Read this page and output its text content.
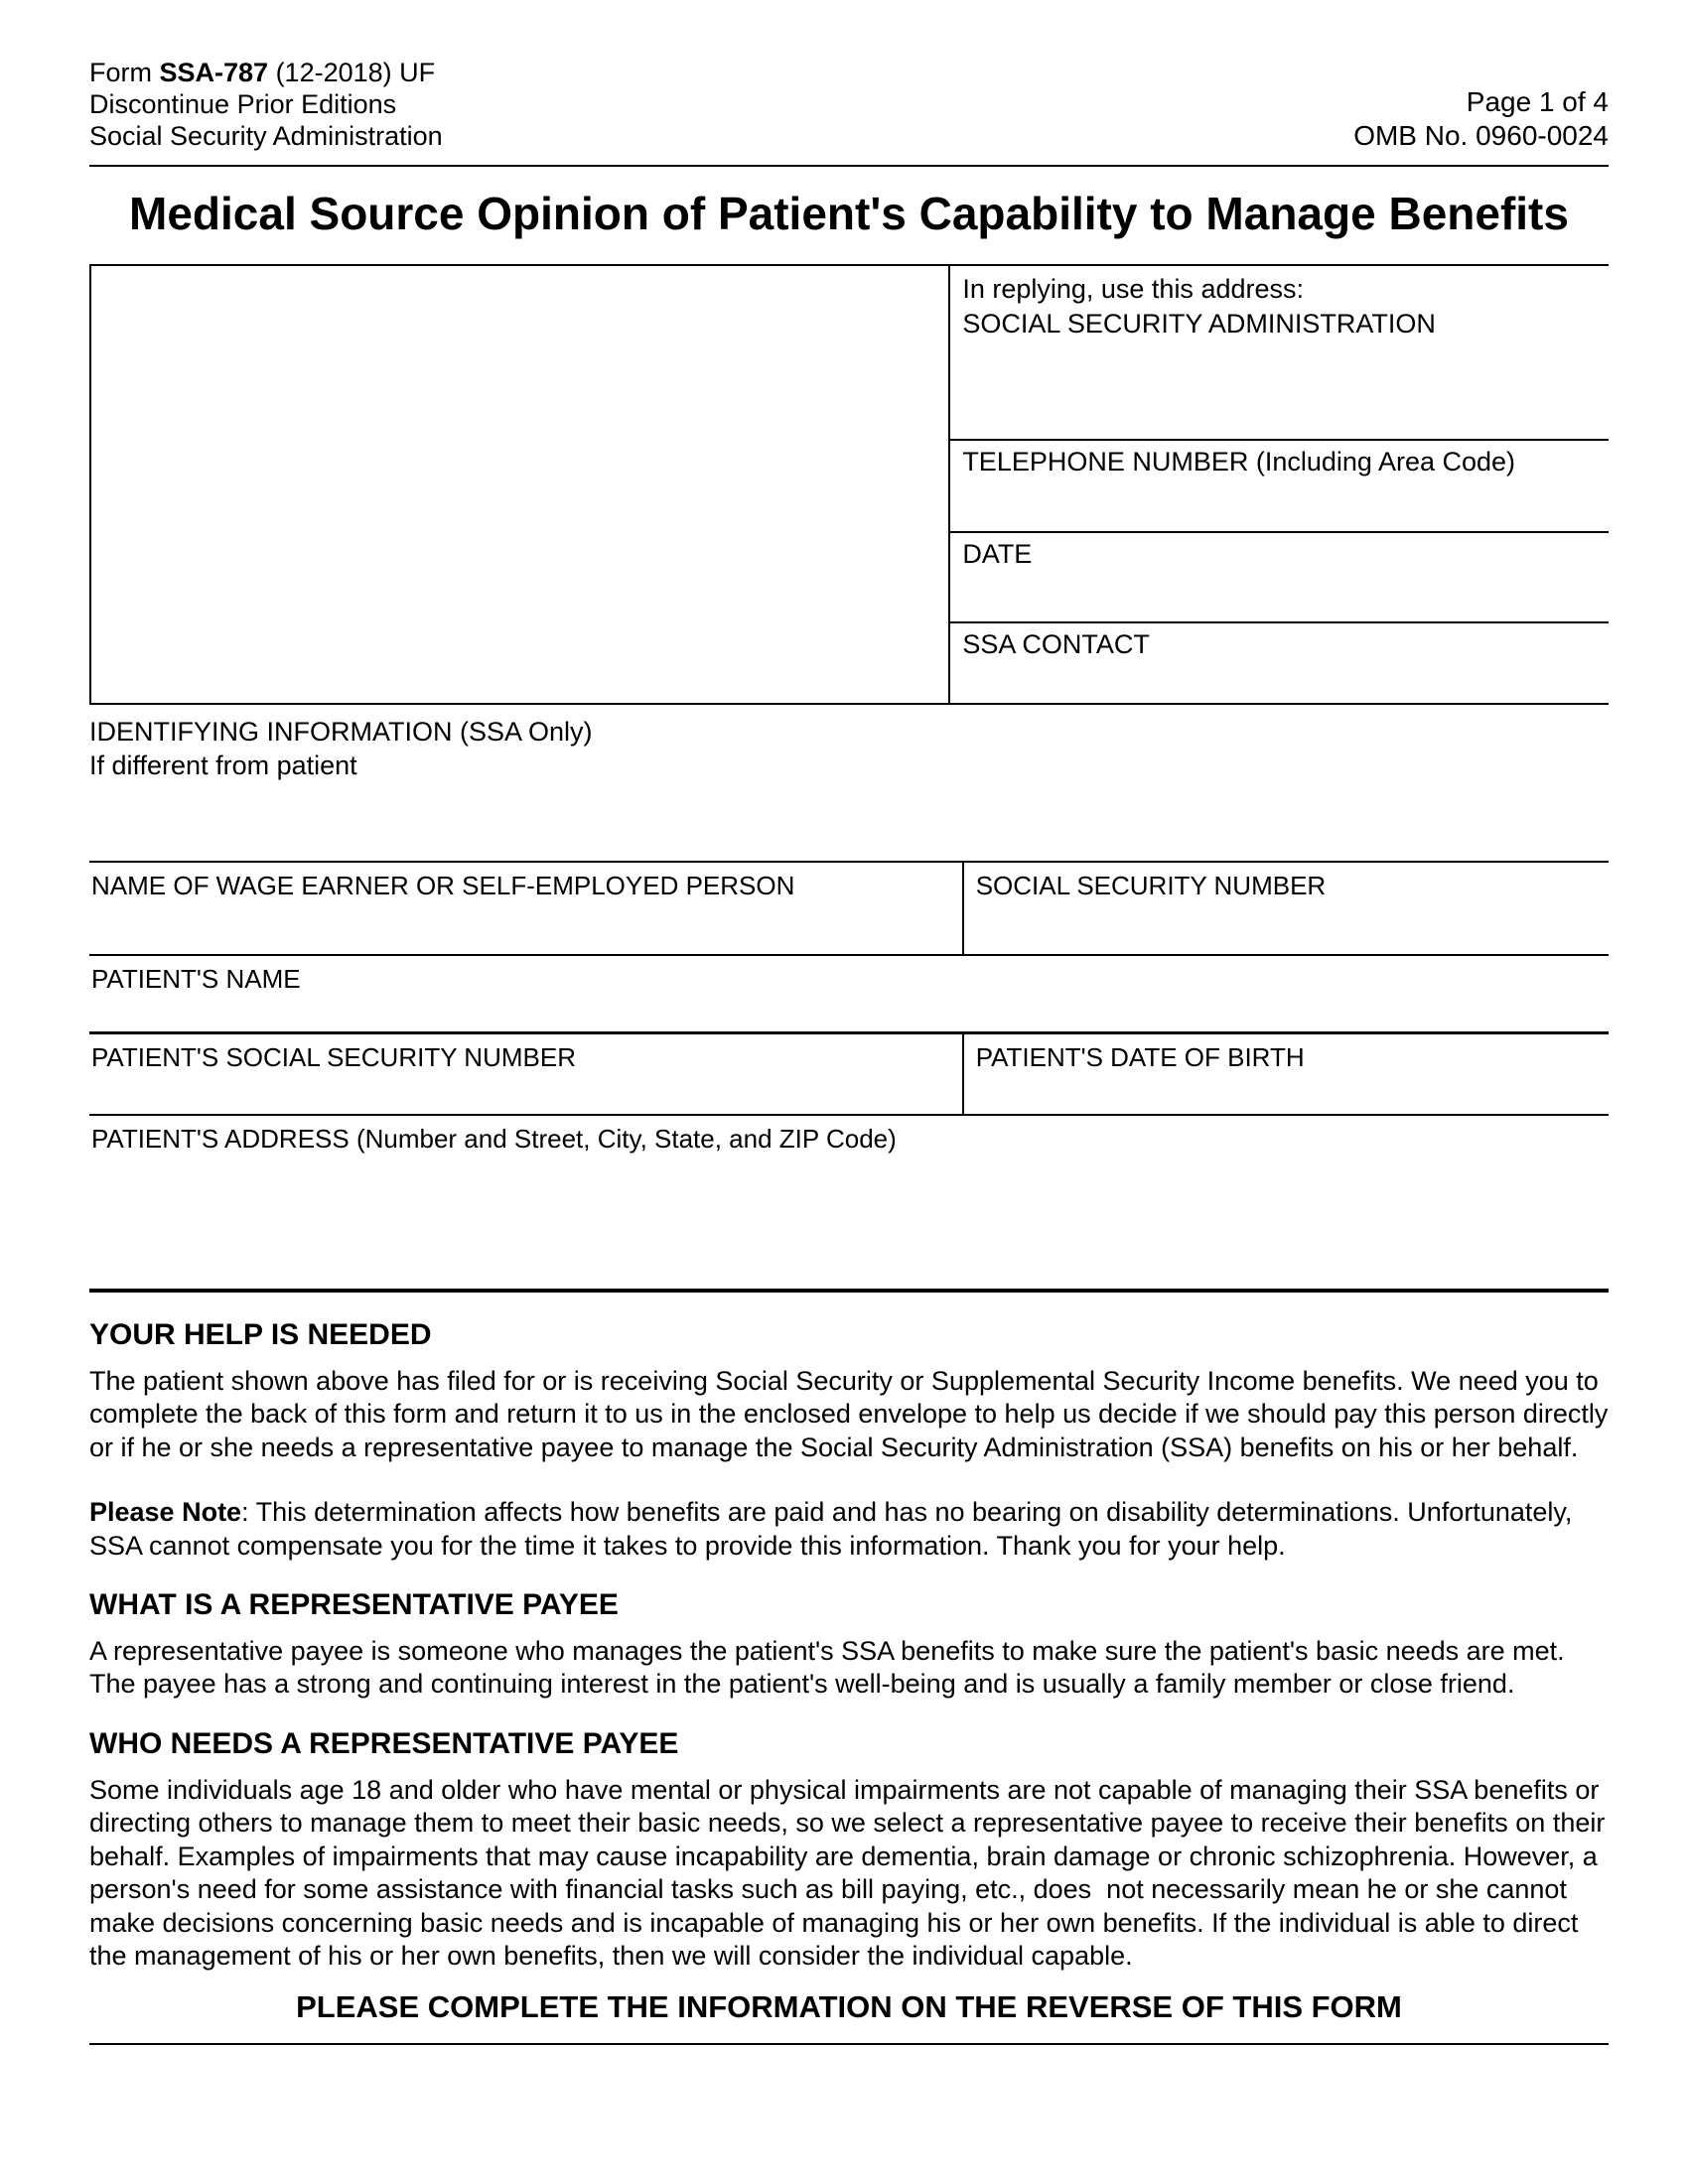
Form SSA-787 (12-2018) UF
Discontinue Prior Editions
Social Security Administration
Page 1 of 4
OMB No. 0960-0024
Medical Source Opinion of Patient's Capability to Manage Benefits
In replying, use this address:
SOCIAL SECURITY ADMINISTRATION
TELEPHONE NUMBER (Including Area Code)
DATE
SSA CONTACT
IDENTIFYING INFORMATION (SSA Only)
If different from patient
NAME OF WAGE EARNER OR SELF-EMPLOYED PERSON	SOCIAL SECURITY NUMBER
PATIENT'S NAME
PATIENT'S SOCIAL SECURITY NUMBER	PATIENT'S DATE OF BIRTH
PATIENT'S ADDRESS (Number and Street, City, State, and ZIP Code)
YOUR HELP IS NEEDED
The patient shown above has filed for or is receiving Social Security or Supplemental Security Income benefits. We need you to complete the back of this form and return it to us in the enclosed envelope to help us decide if we should pay this person directly or if he or she needs a representative payee to manage the Social Security Administration (SSA) benefits on his or her behalf.
Please Note: This determination affects how benefits are paid and has no bearing on disability determinations. Unfortunately, SSA cannot compensate you for the time it takes to provide this information. Thank you for your help.
WHAT IS A REPRESENTATIVE PAYEE
A representative payee is someone who manages the patient's SSA benefits to make sure the patient's basic needs are met. The payee has a strong and continuing interest in the patient's well-being and is usually a family member or close friend.
WHO NEEDS A REPRESENTATIVE PAYEE
Some individuals age 18 and older who have mental or physical impairments are not capable of managing their SSA benefits or directing others to manage them to meet their basic needs, so we select a representative payee to receive their benefits on their behalf. Examples of impairments that may cause incapability are dementia, brain damage or chronic schizophrenia. However, a person's need for some assistance with financial tasks such as bill paying, etc., does  not necessarily mean he or she cannot make decisions concerning basic needs and is incapable of managing his or her own benefits. If the individual is able to direct the management of his or her own benefits, then we will consider the individual capable.
PLEASE COMPLETE THE INFORMATION ON THE REVERSE OF THIS FORM
